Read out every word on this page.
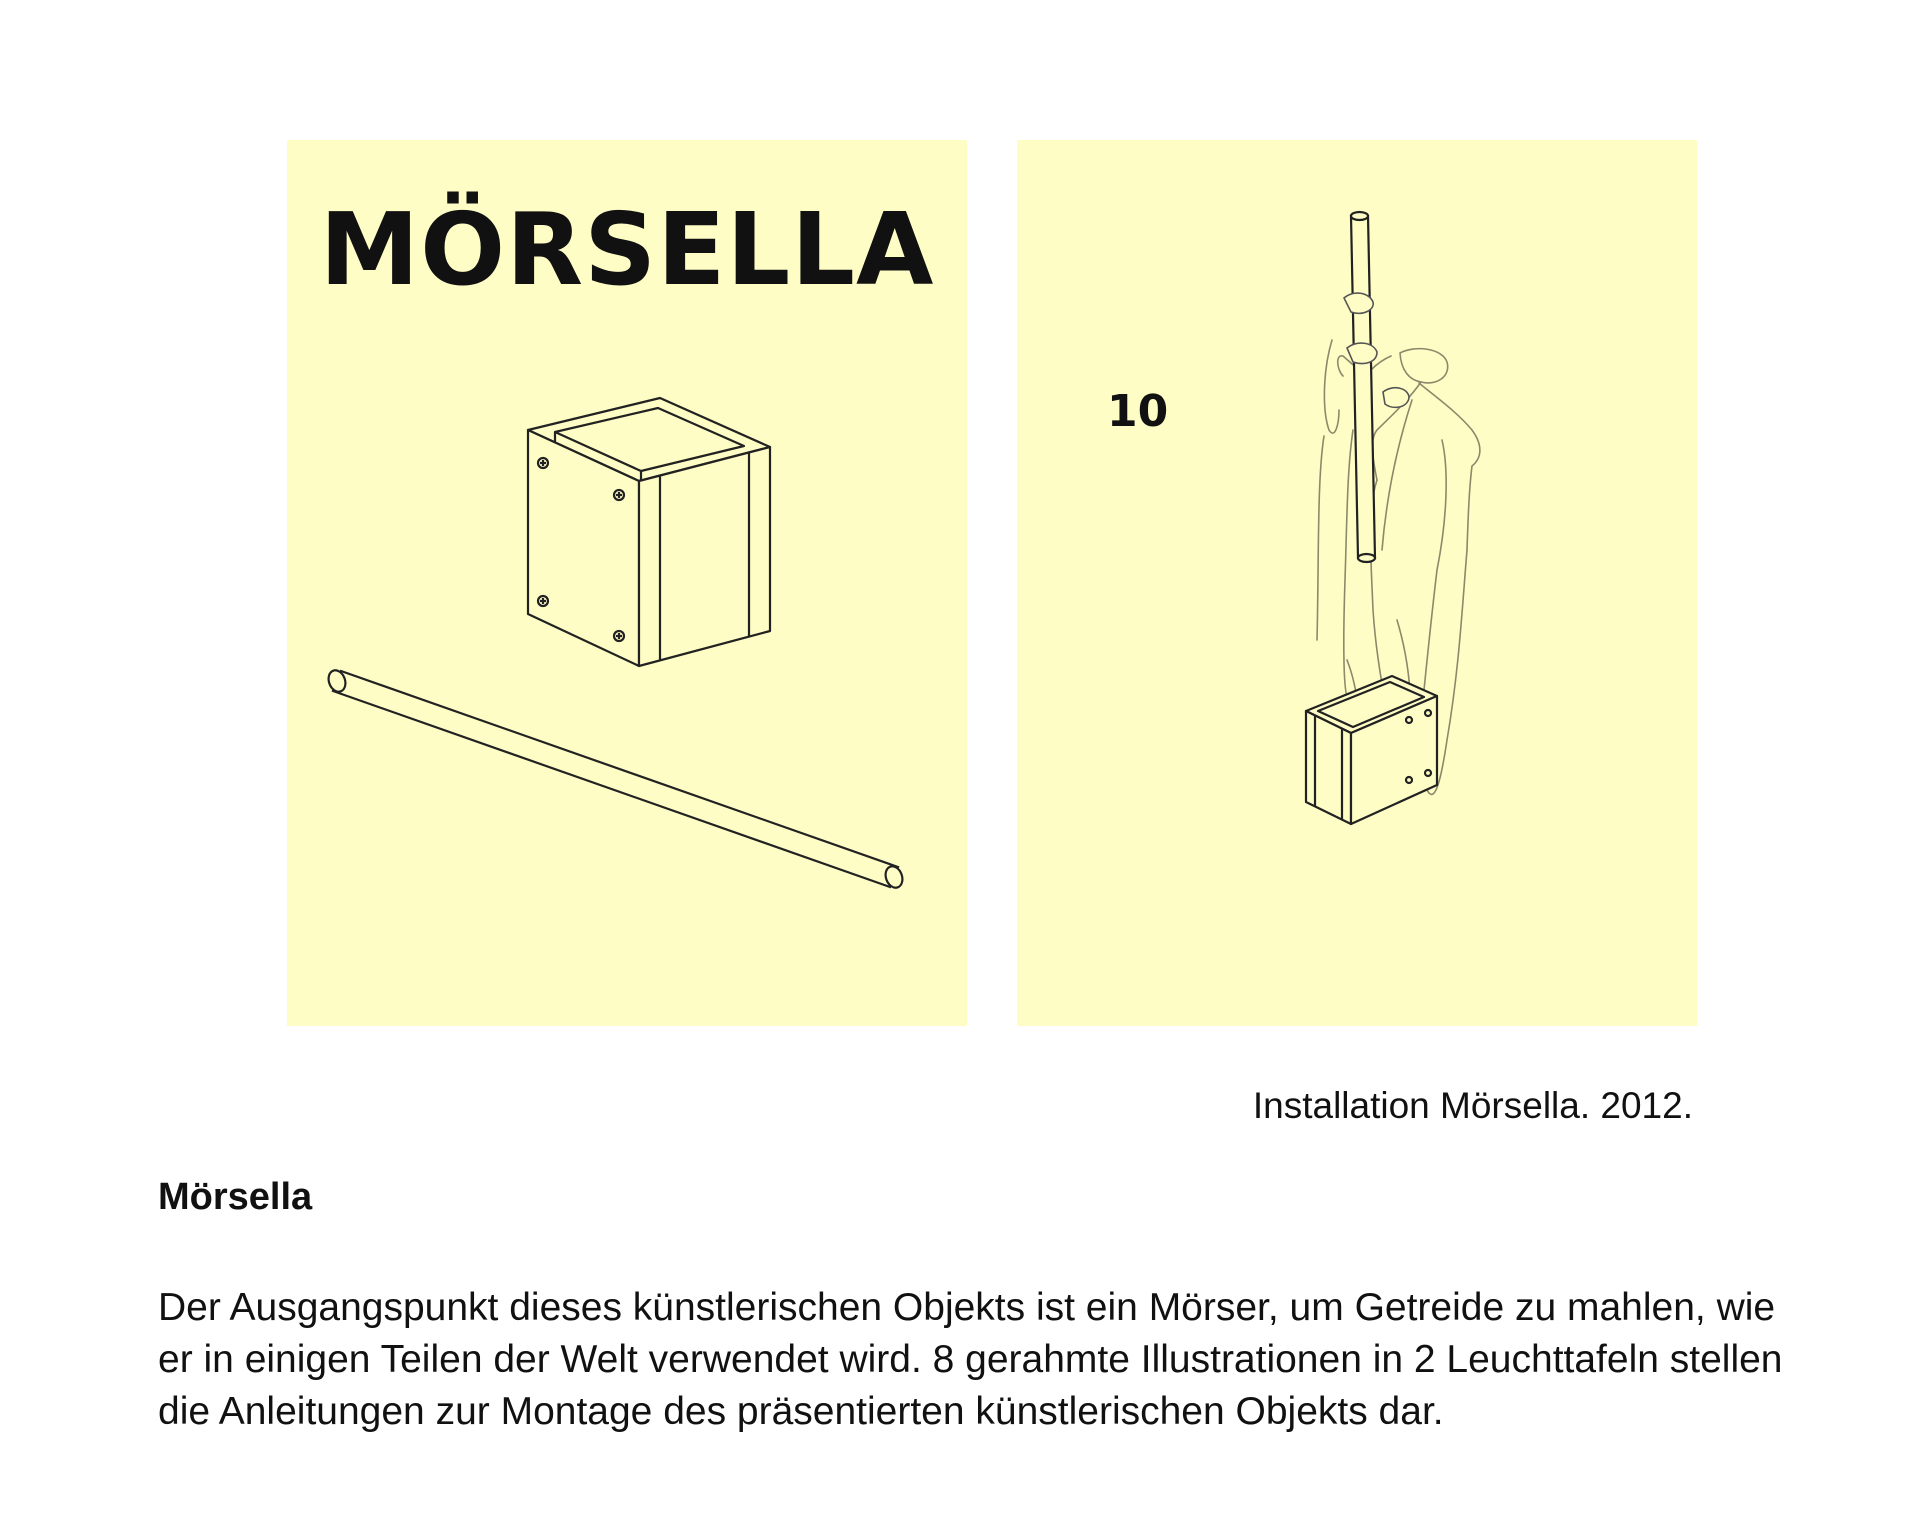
MÖRSELLA
10
Installation Mörsella. 2012.
Mörsella

Der Ausgangspunkt dieses künstlerischen Objekts ist ein Mörser, um Getreide zu mahlen, wie er in einigen Teilen der Welt verwendet wird. 8 gerahmte Illustrationen in 2 Leuchttafeln stellen die Anleitungen zur Montage des präsentierten künstlerischen Objekts dar.
